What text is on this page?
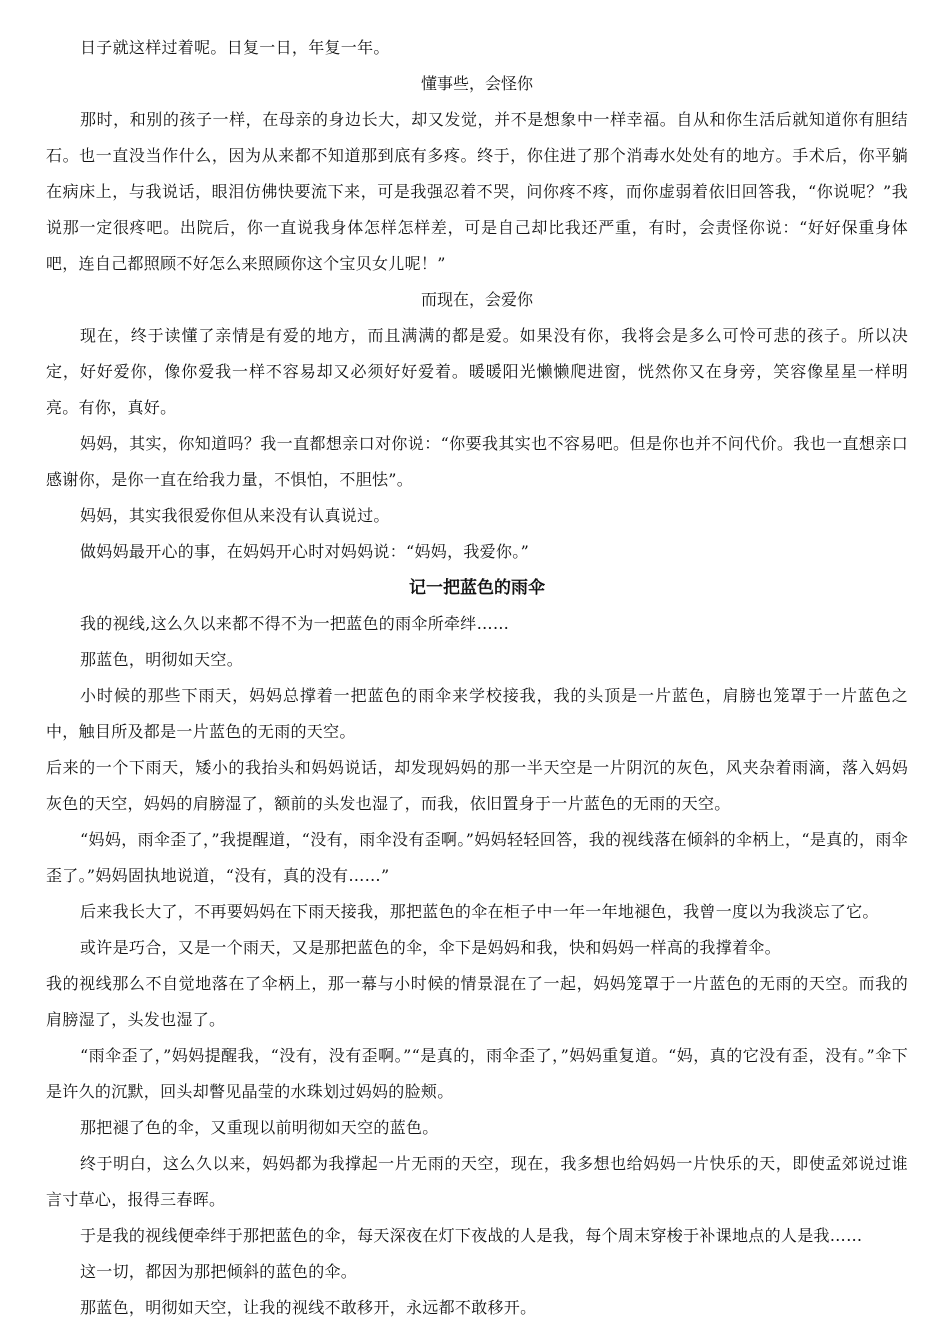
日子就这样过着呢。日复一日，年复一年。

懂事些，会怪你

那时，和别的孩子一样，在母亲的身边长大，却又发觉，并不是想象中一样幸福。自从和你生活后就知道你有胆结石。也一直没当作什么，因为从来都不知道那到底有多疼。终于，你住进了那个消毒水处处有的地方。手术后，你平躺在病床上，与我说话，眼泪仿佛快要流下来，可是我强忍着不哭，问你疼不疼，而你虚弱着依旧回答我，“你说呢？”我说那一定很疼吧。出院后，你一直说我身体怎样怎样差，可是自己却比我还严重，有时，会责怪你说：“好好保重身体吧，连自己都照顾不好怎么来照顾你这个宝贝女儿呢！”

而现在，会爱你

现在，终于读懂了亲情是有爱的地方，而且满满的都是爱。如果没有你，我将会是多么可怜可悲的孩子。所以决定，好好爱你，像你爱我一样不容易却又必须好好爱着。暖暖阳光懒懒爬进窗，恍然你又在身旁，笑容像星星一样明亮。有你，真好。

妈妈，其实，你知道吗？我一直都想亲口对你说：“你要我其实也不容易吧。但是你也并不问代价。我也一直想亲口感谢你，是你一直在给我力量，不惧怕，不胆怯”。

妈妈，其实我很爱你但从来没有认真说过。

做妈妈最开心的事，在妈妈开心时对妈妈说：“妈妈，我爱你。”

记一把蓝色的雨伞

我的视线,这么久以来都不得不为一把蓝色的雨伞所牵绊……

那蓝色，明彻如天空。

小时候的那些下雨天，妈妈总撑着一把蓝色的雨伞来学校接我，我的头顶是一片蓝色，肩膀也笼罩于一片蓝色之中，触目所及都是一片蓝色的无雨的天空。

后来的一个下雨天，矮小的我抬头和妈妈说话，却发现妈妈的那一半天空是一片阴沉的灰色，风夹杂着雨滴，落入妈妈灰色的天空，妈妈的肩膀湿了，额前的头发也湿了，而我，依旧置身于一片蓝色的无雨的天空。

“妈妈，雨伞歪了，”我提醒道，“没有，雨伞没有歪啊。”妈妈轻轻回答，我的视线落在倾斜的伞柄上，“是真的，雨伞歪了。”妈妈固执地说道，“没有，真的没有……”

后来我长大了，不再要妈妈在下雨天接我，那把蓝色的伞在柜子中一年一年地褪色，我曾一度以为我淡忘了它。

或许是巧合，又是一个雨天，又是那把蓝色的伞，伞下是妈妈和我，快和妈妈一样高的我撑着伞。

我的视线那么不自觉地落在了伞柄上，那一幕与小时候的情景混在了一起，妈妈笼罩于一片蓝色的无雨的天空。而我的肩膀湿了，头发也湿了。

“雨伞歪了，”妈妈提醒我，“没有，没有歪啊。”“是真的，雨伞歪了，”妈妈重复道。“妈，真的它没有歪，没有。”伞下是许久的沉默，回头却瞥见晶莹的水珠划过妈妈的脸颊。

那把褪了色的伞，又重现以前明彻如天空的蓝色。

终于明白，这么久以来，妈妈都为我撑起一片无雨的天空，现在，我多想也给妈妈一片快乐的天，即使孟郊说过谁言寸草心，报得三春晖。

于是我的视线便牵绊于那把蓝色的伞，每天深夜在灯下夜战的人是我，每个周末穿梭于补课地点的人是我……

这一切，都因为那把倾斜的蓝色的伞。

那蓝色，明彻如天空，让我的视线不敢移开，永远都不敢移开。
